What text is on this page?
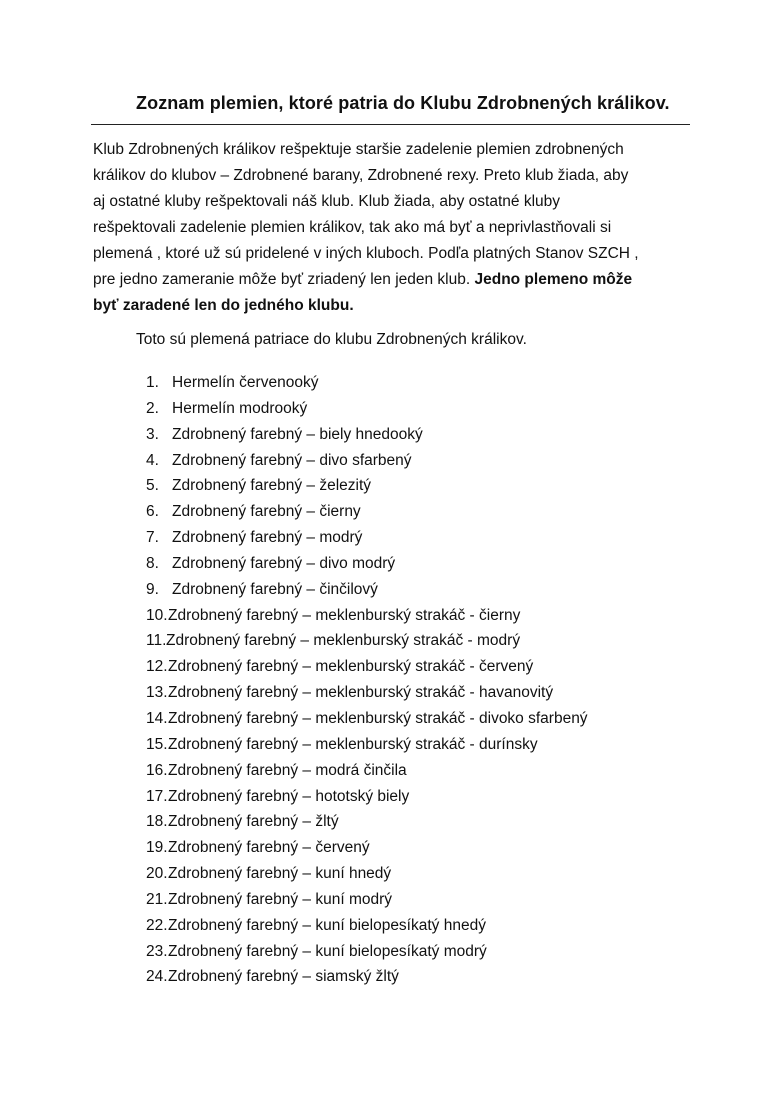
Zoznam plemien, ktoré patria do Klubu Zdrobnených králikov.
Klub Zdrobnených králikov rešpektuje staršie zadelenie plemien zdrobnených
králikov do klubov – Zdrobnené barany, Zdrobnené rexy. Preto klub žiada, aby
aj ostatné kluby rešpektovali náš klub. Klub žiada, aby ostatné kluby
rešpektovali zadelenie plemien králikov, tak ako má byť a neprivlastňovali si
plemená , ktoré už sú pridelené v iných kluboch. Podľa platných Stanov SZCH ,
pre jedno zameranie môže byť zriadený len jeden klub. Jedno plemeno môže
byť zaradené len do jedného klubu.
Toto sú plemená patriace do klubu Zdrobnených králikov.
1. Hermelín červenooký
2. Hermelín modrooký
3. Zdrobnený farebný – biely hnedooký
4. Zdrobnený farebný – divo sfarbený
5. Zdrobnený farebný – železitý
6. Zdrobnený farebný – čierny
7. Zdrobnený farebný – modrý
8. Zdrobnený farebný – divo modrý
9. Zdrobnený farebný – činčilový
10. Zdrobnený farebný – meklenburský strakáč - čierny
11. Zdrobnený farebný – meklenburský strakáč - modrý
12. Zdrobnený farebný – meklenburský strakáč - červený
13. Zdrobnený farebný – meklenburský strakáč - havanovitý
14. Zdrobnený farebný – meklenburský strakáč - divoko sfarbený
15. Zdrobnený farebný – meklenburský strakáč - durínsky
16. Zdrobnený farebný – modrá činčila
17. Zdrobnený farebný – hototský biely
18. Zdrobnený farebný – žltý
19. Zdrobnený farebný – červený
20. Zdrobnený farebný – kuní hnedý
21. Zdrobnený farebný – kuní modrý
22. Zdrobnený farebný – kuní bielopesíkatý hnedý
23. Zdrobnený farebný – kuní bielopesíkatý modrý
24. Zdrobnený farebný – siamský žltý
